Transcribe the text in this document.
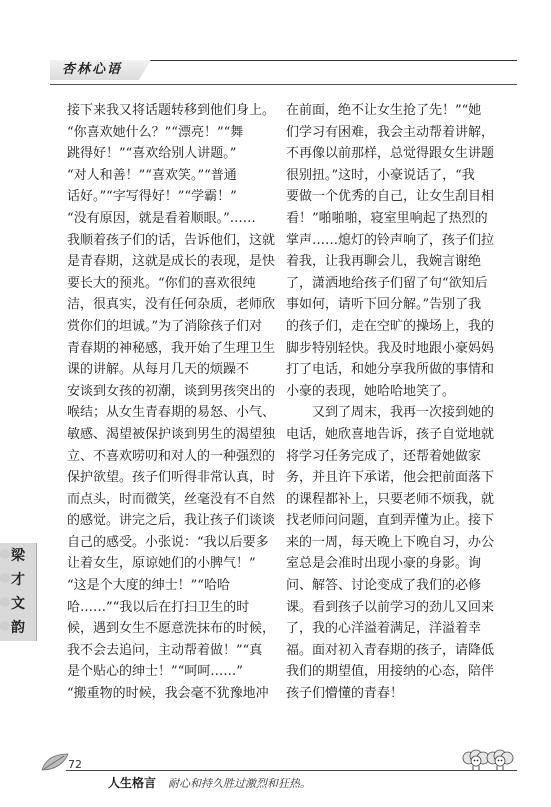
杏林心语

接下来我又将话题转移到他们身上。

“你喜欢她什么？”“漂亮！”“舞

跳得好！”“喜欢给别人讲题。”

“对人和善！”“喜欢笑。”“普通

话好。”“字写得好！”“学霸！”

“没有原因，就是看着顺眼。”……

我顺着孩子们的话，告诉他们，这就

是青春期，这就是成长的表现，是快

要长大的预兆。“你们的喜欢很纯

洁，很真实，没有任何杂质，老师欣

赏你们的坦诚。”为了消除孩子们对

青春期的神秘感，我开始了生理卫生

课的讲解。从每月几天的烦躁不

安谈到女孩的初潮，谈到男孩突出的

喉结；从女生青春期的易怒、小气、

敏感、渴望被保护谈到男生的渴望独

立、不喜欢唠叨和对人的一种强烈的

保护欲望。孩子们听得非常认真，时

而点头，时而微笑，丝毫没有不自然

的感觉。讲完之后，我让孩子们谈谈

自己的感受。小张说：“我以后要多

让着女生，原谅她们的小脾气！”

“这是个大度的绅士！”“哈哈

哈……”“我以后在打扫卫生的时

候，遇到女生不愿意洗抹布的时候，

我不会去追问，主动帮着做！”“真

是个贴心的绅士！”“呵呵……”

“搬重物的时候，我会毫不犹豫地冲

在前面，绝不让女生抢了先！”“她

们学习有困难，我会主动帮着讲解，

不再像以前那样，总觉得跟女生讲题

很别扭。”这时，小豪说话了，“我

要做一个优秀的自己，让女生刮目相

看！”啪啪啪，寝室里响起了热烈的

掌声……熄灯的铃声响了，孩子们拉

着我，让我再聊会儿，我婉言谢绝

了，潇洒地给孩子们留了句“欲知后

事如何，请听下回分解。”告别了我

的孩子们，走在空旷的操场上，我的

脚步特别轻快。我及时地跟小豪妈妈

打了电话，和她分享我所做的事情和

小豪的表现，她哈哈地笑了。

又到了周末，我再一次接到她的

电话，她欣喜地告诉，孩子自觉地就

将学习任务完成了，还帮着她做家

务，并且许下承诺，他会把前面落下

的课程都补上，只要老师不烦我，就

找老师问问题，直到弄懂为止。接下

来的一周，每天晚上下晚自习，办公

室总是会准时出现小豪的身影。询

问、解答、讨论变成了我们的必修

课。看到孩子以前学习的劲儿又回来

了，我的心洋溢着满足，洋溢着幸

福。面对初入青春期的孩子，请降低

我们的期望值，用接纳的心态，陪伴

孩子们懵懂的青春！

梁
才
文
韵
72
人生格言 耐心和持久胜过激烈和狂热。
